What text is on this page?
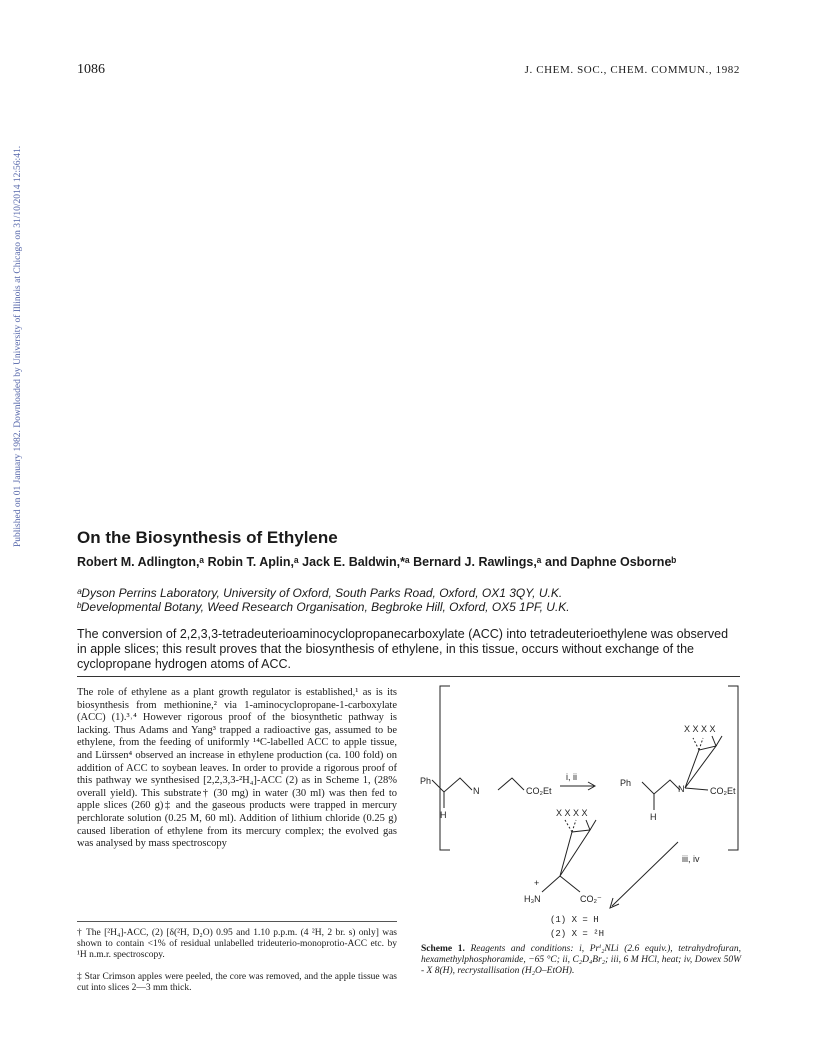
1086	J. CHEM. SOC., CHEM. COMMUN., 1982
Published on 01 January 1982. Downloaded by University of Illinois at Chicago on 31/10/2014 12:56:41.	On the Biosynthesis of Ethylene
Robert M. Adlington,ᵃ Robin T. Aplin,ᵃ Jack E. Baldwin,*ᵃ Bernard J. Rawlings,ᵃ and Daphne Osborneᵇ
ᵃDyson Perrins Laboratory, University of Oxford, South Parks Road, Oxford, OX1 3QY, U.K.
ᵇDevelopmental Botany, Weed Research Organisation, Begbroke Hill, Oxford, OX5 1PF, U.K.
The conversion of 2,2,3,3-tetradeuterioaminocyclopropanecarboxylate (ACC) into tetradeuterioethylene was observed in apple slices; this result proves that the biosynthesis of ethylene, in this tissue, occurs without exchange of the cyclopropane hydrogen atoms of ACC.
The role of ethylene as a plant growth regulator is established,¹ as is its biosynthesis from methionine,² via 1-aminocyclopropane-1-carboxylate (ACC) (1).³˒⁴ However rigorous proof of the biosynthetic pathway is lacking. Thus Adams and Yang³ trapped a radioactive gas, assumed to be ethylene, from the feeding of uniformly ¹⁴C-labelled ACC to apple tissue, and Lürssen⁴ observed an increase in ethylene production (ca. 100 fold) on addition of ACC to soybean leaves. In order to provide a rigorous proof of this pathway we synthesised [2,2,3,3-²H₄]-ACC (2) as in Scheme 1, (28% overall yield). This substrate† (30 mg) in water (30 ml) was then fed to apple slices (260 g)‡ and the gaseous products were trapped in mercury perchlorate solution (0.25 M, 60 ml). Addition of lithium chloride (0.25 g) caused liberation of ethylene from its mercury complex; the evolved gas was analysed by mass spectroscopy
† The [²H₄]-ACC, (2) [δ(²H, D₂O) 0.95 and 1.10 p.p.m. (4 ²H, 2 br. s) only] was shown to contain <1% of residual unlabelled trideuterio-monoprotio-ACC etc. by ¹H n.m.r. spectroscopy.
‡ Star Crimson apples were peeled, the core was removed, and the apple tissue was cut into slices 2—3 mm thick.
Ph
H
N	CO₂Et
i, ii
Ph
H
N	CO₂Et
X X X X
iii, iv
X X X X
H₃N
+
CO₂⁻
(1) X = H
(2) X = ²H
Scheme 1. Reagents and conditions: i, Prⁱ₂NLi (2.6 equiv.), tetrahydrofuran, hexamethylphosphoramide, −65 °C; ii, C₂D₄Br₂; iii, 6 M HCl, heat; iv, Dowex 50W - X 8(H), recrystallisation (H₂O–EtOH).
